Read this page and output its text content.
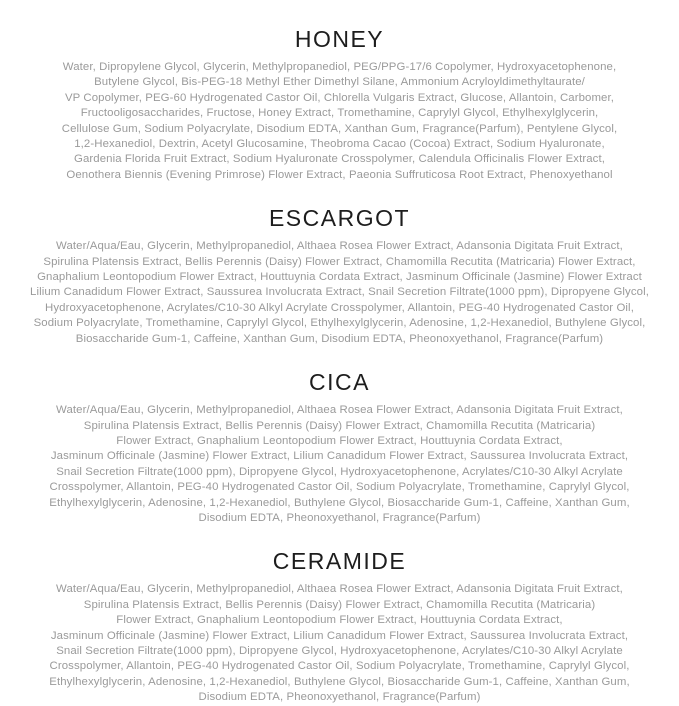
HONEY
Water, Dipropylene Glycol, Glycerin, Methylpropanediol, PEG/PPG-17/6 Copolymer, Hydroxyacetophenone,
Butylene Glycol, Bis-PEG-18 Methyl Ether Dimethyl Silane, Ammonium Acryloyldimethyltaurate/
VP Copolymer, PEG-60 Hydrogenated Castor Oil, Chlorella Vulgaris Extract, Glucose, Allantoin, Carbomer,
Fructooligosaccharides, Fructose, Honey Extract, Tromethamine, Caprylyl Glycol, Ethylhexylglycerin,
Cellulose Gum, Sodium Polyacrylate, Disodium EDTA, Xanthan Gum, Fragrance(Parfum), Pentylene Glycol,
1,2-Hexanediol, Dextrin, Acetyl Glucosamine, Theobroma Cacao (Cocoa) Extract, Sodium Hyaluronate,
Gardenia Florida Fruit Extract, Sodium Hyaluronate Crosspolymer, Calendula Officinalis Flower Extract,
Oenothera Biennis (Evening Primrose) Flower Extract, Paeonia Suffruticosa Root Extract, Phenoxyethanol
ESCARGOT
Water/Aqua/Eau, Glycerin, Methylpropanediol, Althaea Rosea Flower Extract, Adansonia Digitata Fruit Extract,
Spirulina Platensis Extract, Bellis Perennis (Daisy) Flower Extract, Chamomilla Recutita (Matricaria) Flower Extract,
Gnaphalium Leontopodium Flower Extract, Houttuynia Cordata Extract, Jasminum Officinale (Jasmine) Flower Extract
Lilium Canadidum Flower Extract, Saussurea Involucrata Extract, Snail Secretion Filtrate(1000 ppm), Dipropyene Glycol,
Hydroxyacetophenone, Acrylates/C10-30 Alkyl Acrylate Crosspolymer, Allantoin, PEG-40 Hydrogenated Castor Oil,
Sodium Polyacrylate, Tromethamine, Caprylyl Glycol, Ethylhexylglycerin, Adenosine, 1,2-Hexanediol, Buthylene Glycol,
Biosaccharide Gum-1, Caffeine, Xanthan Gum, Disodium EDTA, Pheonoxyethanol, Fragrance(Parfum)
CICA
Water/Aqua/Eau, Glycerin, Methylpropanediol, Althaea Rosea Flower Extract, Adansonia Digitata Fruit Extract,
Spirulina Platensis Extract, Bellis Perennis (Daisy) Flower Extract, Chamomilla Recutita (Matricaria)
Flower Extract, Gnaphalium Leontopodium Flower Extract, Houttuynia Cordata Extract,
Jasminum Officinale (Jasmine) Flower Extract, Lilium Canadidum Flower Extract, Saussurea Involucrata Extract,
Snail Secretion Filtrate(1000 ppm), Dipropyene Glycol, Hydroxyacetophenone, Acrylates/C10-30 Alkyl Acrylate
Crosspolymer, Allantoin, PEG-40 Hydrogenated Castor Oil, Sodium Polyacrylate, Tromethamine, Caprylyl Glycol,
Ethylhexylglycerin, Adenosine, 1,2-Hexanediol, Buthylene Glycol, Biosaccharide Gum-1, Caffeine, Xanthan Gum,
Disodium EDTA, Pheonoxyethanol, Fragrance(Parfum)
CERAMIDE
Water/Aqua/Eau, Glycerin, Methylpropanediol, Althaea Rosea Flower Extract, Adansonia Digitata Fruit Extract,
Spirulina Platensis Extract, Bellis Perennis (Daisy) Flower Extract, Chamomilla Recutita (Matricaria)
Flower Extract, Gnaphalium Leontopodium Flower Extract, Houttuynia Cordata Extract,
Jasminum Officinale (Jasmine) Flower Extract, Lilium Canadidum Flower Extract, Saussurea Involucrata Extract,
Snail Secretion Filtrate(1000 ppm), Dipropyene Glycol, Hydroxyacetophenone, Acrylates/C10-30 Alkyl Acrylate
Crosspolymer, Allantoin, PEG-40 Hydrogenated Castor Oil, Sodium Polyacrylate, Tromethamine, Caprylyl Glycol,
Ethylhexylglycerin, Adenosine, 1,2-Hexanediol, Buthylene Glycol, Biosaccharide Gum-1, Caffeine, Xanthan Gum,
Disodium EDTA, Pheonoxyethanol, Fragrance(Parfum)
